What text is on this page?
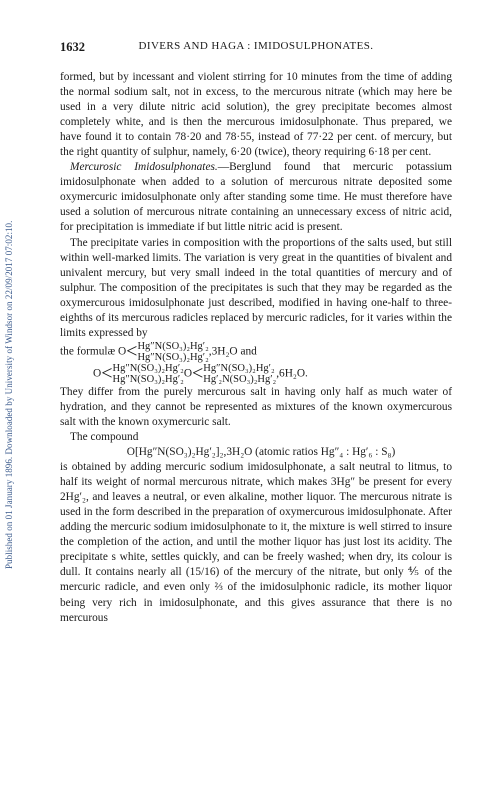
Published on 01 January 1896. Downloaded by University of Windsor on 22/09/2017 07:02:10.
1632	DIVERS AND HAGA : IMIDOSULPHONATES.

formed, but by incessant and violent stirring for 10 minutes from the time of adding the normal sodium salt, not in excess, to the mercurous nitrate (which may here be used in a very dilute nitric acid solution), the grey precipitate becomes almost completely white, and is then the mercurous imidosulphonate. Thus prepared, we have found it to contain 78·20 and 78·55, instead of 77·22 per cent. of mercury, but the right quantity of sulphur, namely, 6·20 (twice), theory requiring 6·18 per cent.

Mercurosic Imidosulphonates.—Berglund found that mercuric potassium imidosulphonate when added to a solution of mercurous nitrate deposited some oxymercuric imidosulphonate only after standing some time. He must therefore have used a solution of mercurous nitrate containing an unnecessary excess of nitric acid, for precipitation is immediate if but little nitric acid is present.

The precipitate varies in composition with the proportions of the salts used, but still within well-marked limits. The variation is very great in the quantities of bivalent and univalent mercury, but very small indeed in the total quantities of mercury and of sulphur. The composition of the precipitates is such that they may be regarded as the oxymercurous imidosulphonate just described, modified in having one-half to three-eighths of its mercurous radicles replaced by mercuric radicles, for it varies within the limits expressed by

the formulæ O<Hg″N(SO₃)₂Hg′₂
Hg″N(SO₃)₂Hg′₂,3H₂O and
O<Hg″N(SO₃)₂Hg′₂
Hg″N(SO₃)₂Hg′₂O<Hg″N(SO₃)₂Hg′₂
Hg′₂N(SO₃)₂Hg′₂,6H₂O.

They differ from the purely mercurous salt in having only half as much water of hydration, and they cannot be represented as mixtures of the known oxymercurous salt with the known oxymercuric salt.

The compound

O[Hg″N(SO₃)₂Hg′₂]₂,3H₂O (atomic ratios Hg″₄ : Hg′₆ : S₈)

is obtained by adding mercuric sodium imidosulphonate, a salt neutral to litmus, to half its weight of normal mercurous nitrate, which makes 3Hg″ be present for every 2Hg′₂, and leaves a neutral, or even alkaline, mother liquor. The mercurous nitrate is used in the form described in the preparation of oxymercurous imidosulphonate. After adding the mercuric sodium imidosulphonate to it, the mixture is well stirred to insure the completion of the action, and until the mother liquor has just lost its acidity. The precipitate s white, settles quickly, and can be freely washed; when dry, its colour is dull. It contains nearly all (15/16) of the mercury of the nitrate, but only ⅘ of the mercuric radicle, and even only ⅔ of the imidosulphonic radicle, its mother liquor being very rich in imidosulphonate, and this gives assurance that there is no mercurous
